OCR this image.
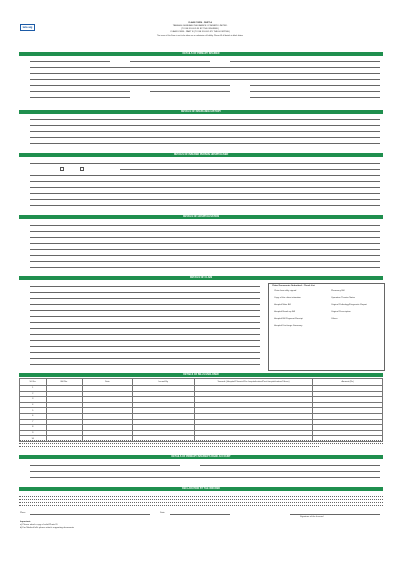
tata aig
CLAIM FORM - PART A
TATA AIG GENERAL INSURANCE COMPANY LIMITED
(TO BE FILLED IN BY THE INSURED)
CLAIM FORM - PART B (TO BE FILLED BY THE HOSPITAL)
The issue of this Form is not to be taken as an admission of liability. Please fill all details in block letters
DETAILS OF PRIMARY INSURED
DETAILS OF INSURANCE HISTORY
DETAILS OF INSURED PERSON HOSPITALISED
DETAILS OF HOSPITALISATION
DETAILS OF CLAIM
Claim Documents Submitted - Check List
Claim form duly signed
Copy of the claim intimation
Hospital Main Bill
Hospital Break-up Bill
Hospital Bill Payment Receipt
Hospital Discharge Summary
Pharmacy Bill
Operation Theatre Notes
Original Pathology/Diagnostic Report
Original Prescription
Others
DETAILS OF BILLS ENCLOSED
Sl. No.	Bill No.	Date	Issued By	Towards (Hospital/Chemist/Pre-hospitalisation/Post-hospitalisation/Others)	Amount (Rs)
1					
2					
3					
4					
5					
6					
7					
8					
9					
10					
DETAILS OF PRIMARY INSURED'S BANK ACCOUNT
DECLARATION BY THE INSURED
Place	Date
Signature of the Insured
Important:
a) Please attach copy of valid Photo ID
b) For Medical bills please attach supporting documents
